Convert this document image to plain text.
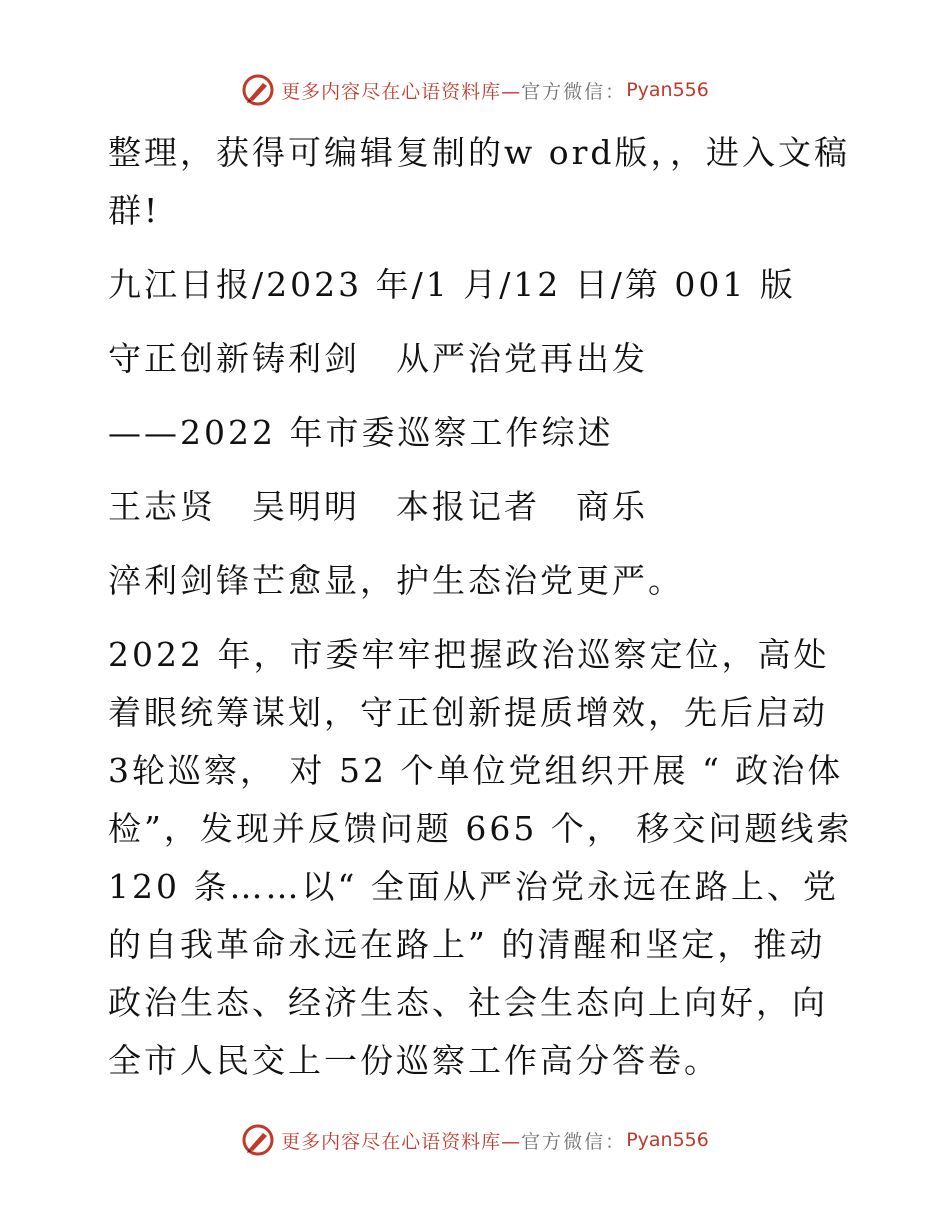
更多内容尽在心语资料库— 官方微信： Pyan556

整理，获得可编辑复制的w ord版，，进入文稿群!

九江日报/2023 年/1 月/12 日/第 001 版

守正创新铸利剑　从严治党再出发

——2022 年市委巡察工作综述

王志贤　吴明明　本报记者　商乐

淬利剑锋芒愈显，护生态治党更严。

2022 年，市委牢牢把握政治巡察定位，高处着眼统筹谋划，守正创新提质增效，先后启动 3轮巡察， 对 52 个单位党组织开展 “ 政治体检”，发现并反馈问题 665 个， 移交问题线索 120 条……以“ 全面从严治党永远在路上、党的自我革命永远在路上” 的清醒和坚定，推动政治生态、经济生态、社会生态向上向好，向全市人民交上一份巡察工作高分答卷。

更多内容尽在心语资料库— 官方微信： Pyan556
